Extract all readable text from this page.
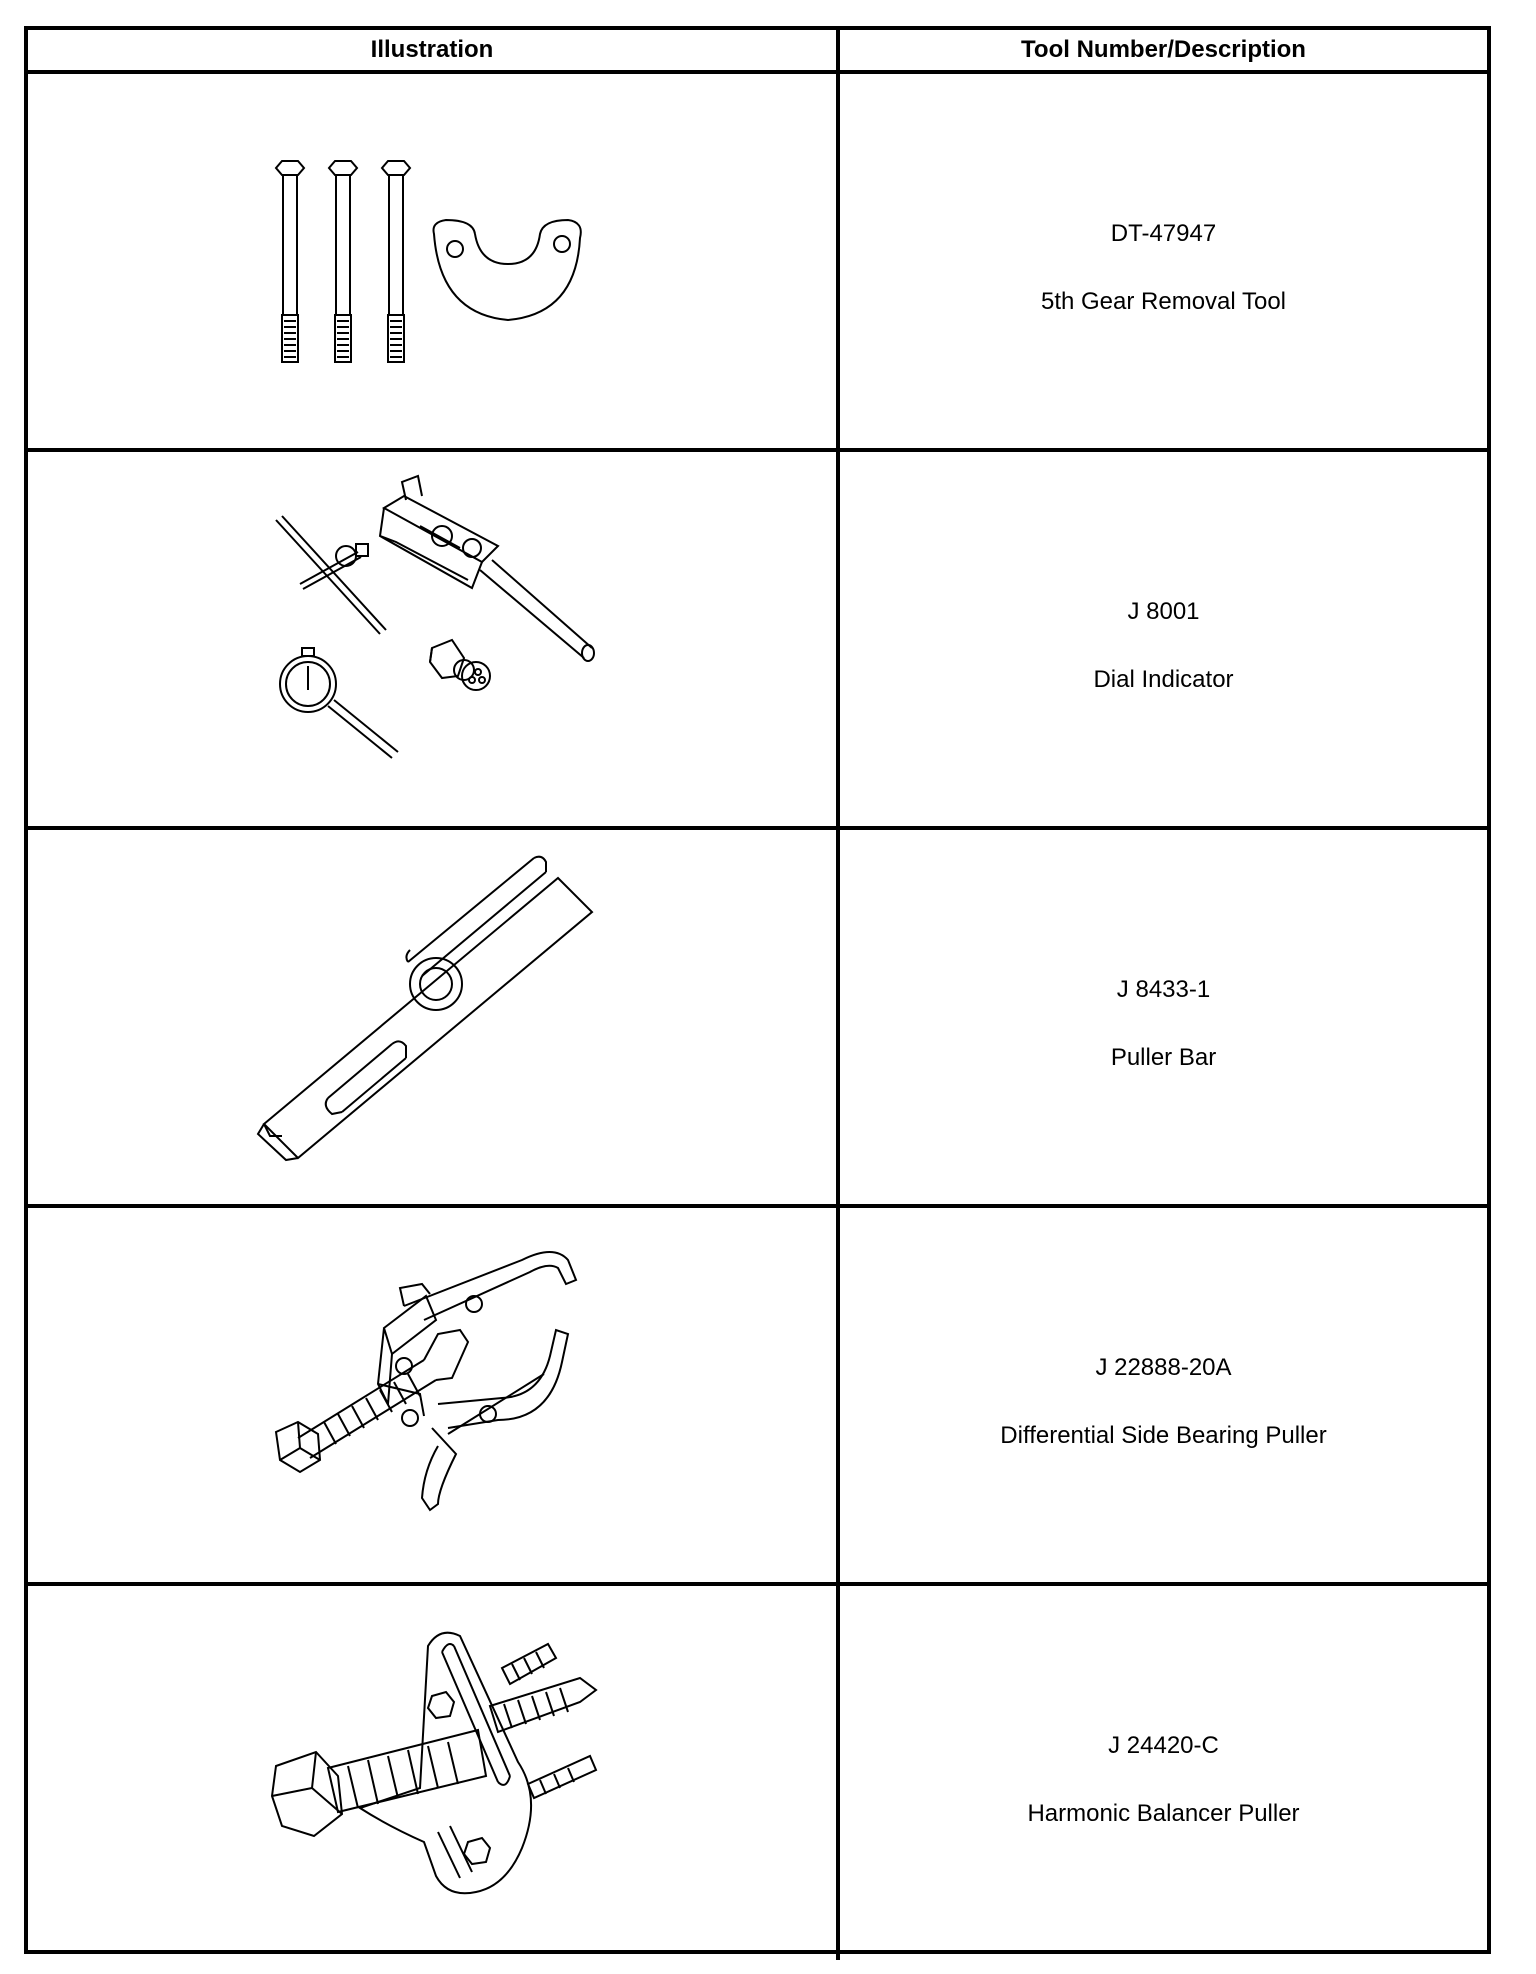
Illustration	Tool Number/Description
DT-47947
5th Gear Removal Tool
J 8001
Dial Indicator
J 8433-1
Puller Bar
J 22888-20A
Differential Side Bearing Puller
J 24420-C
Harmonic Balancer Puller
